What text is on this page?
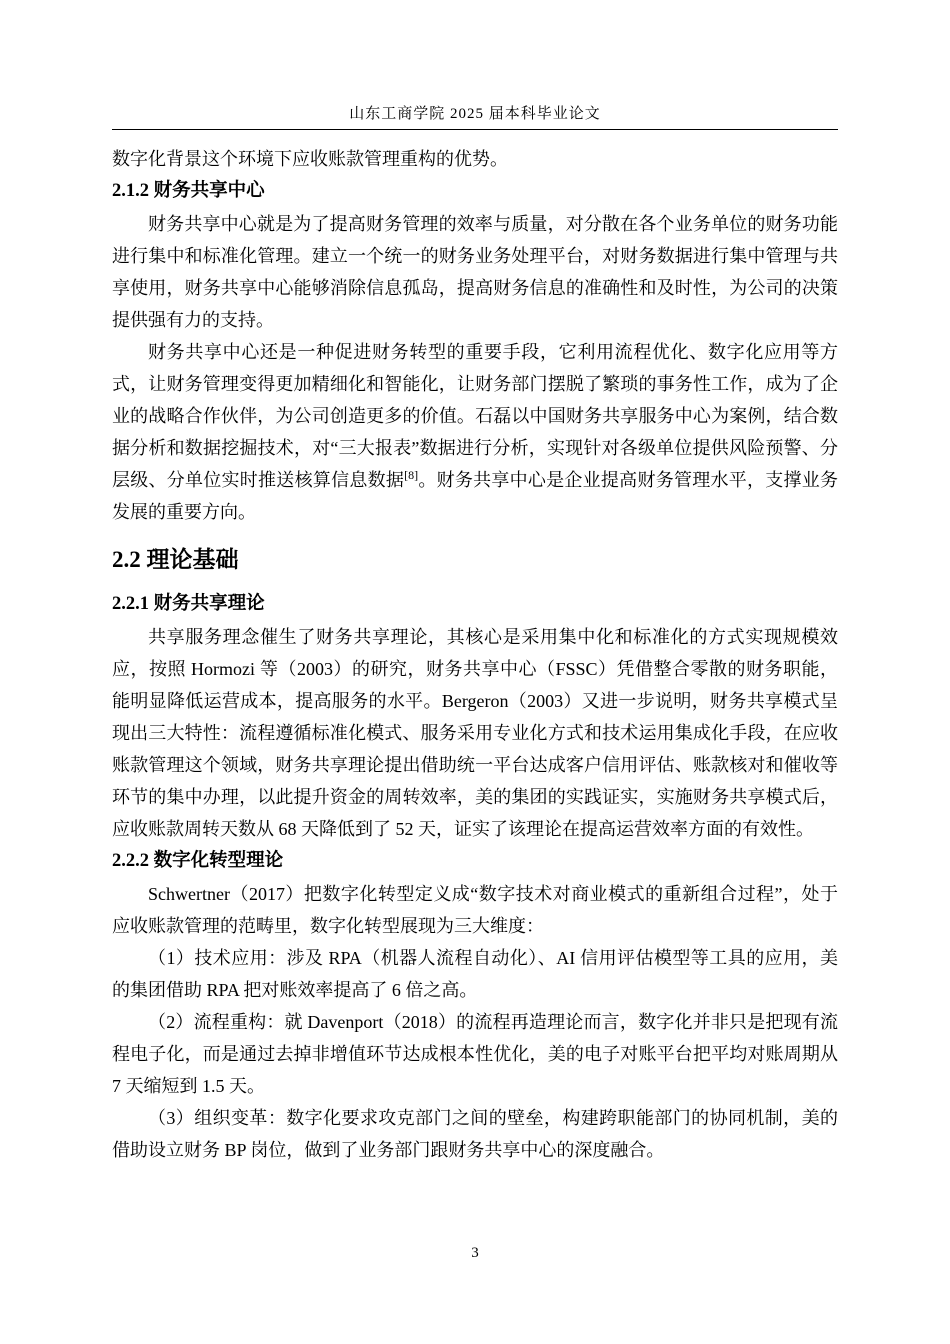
山东工商学院 2025 届本科毕业论文

数字化背景这个环境下应收账款管理重构的优势。

2.1.2 财务共享中心

财务共享中心就是为了提高财务管理的效率与质量，对分散在各个业务单位的财务功能进行集中和标准化管理。建立一个统一的财务业务处理平台，对财务数据进行集中管理与共享使用，财务共享中心能够消除信息孤岛，提高财务信息的准确性和及时性，为公司的决策提供强有力的支持。

财务共享中心还是一种促进财务转型的重要手段，它利用流程优化、数字化应用等方式，让财务管理变得更加精细化和智能化，让财务部门摆脱了繁琐的事务性工作，成为了企业的战略合作伙伴，为公司创造更多的价值。石磊以中国财务共享服务中心为案例，结合数据分析和数据挖掘技术，对“三大报表”数据进行分析，实现针对各级单位提供风险预警、分层级、分单位实时推送核算信息数据[8]。财务共享中心是企业提高财务管理水平，支撑业务发展的重要方向。

2.2 理论基础
2.2.1 财务共享理论

共享服务理念催生了财务共享理论，其核心是采用集中化和标准化的方式实现规模效应，按照 Hormozi 等（2003）的研究，财务共享中心（FSSC）凭借整合零散的财务职能，能明显降低运营成本，提高服务的水平。Bergeron（2003）又进一步说明，财务共享模式呈现出三大特性：流程遵循标准化模式、服务采用专业化方式和技术运用集成化手段，在应收账款管理这个领域，财务共享理论提出借助统一平台达成客户信用评估、账款核对和催收等环节的集中办理，以此提升资金的周转效率，美的集团的实践证实，实施财务共享模式后，应收账款周转天数从 68 天降低到了 52 天，证实了该理论在提高运营效率方面的有效性。

2.2.2 数字化转型理论

Schwertner（2017）把数字化转型定义成“数字技术对商业模式的重新组合过程”，处于应收账款管理的范畴里，数字化转型展现为三大维度：

（1）技术应用：涉及 RPA（机器人流程自动化）、AI 信用评估模型等工具的应用，美的集团借助 RPA 把对账效率提高了 6 倍之高。

（2）流程重构：就 Davenport（2018）的流程再造理论而言，数字化并非只是把现有流程电子化，而是通过去掉非增值环节达成根本性优化，美的电子对账平台把平均对账周期从 7 天缩短到 1.5 天。

（3）组织变革：数字化要求攻克部门之间的壁垒，构建跨职能部门的协同机制，美的借助设立财务 BP 岗位，做到了业务部门跟财务共享中心的深度融合。

3
